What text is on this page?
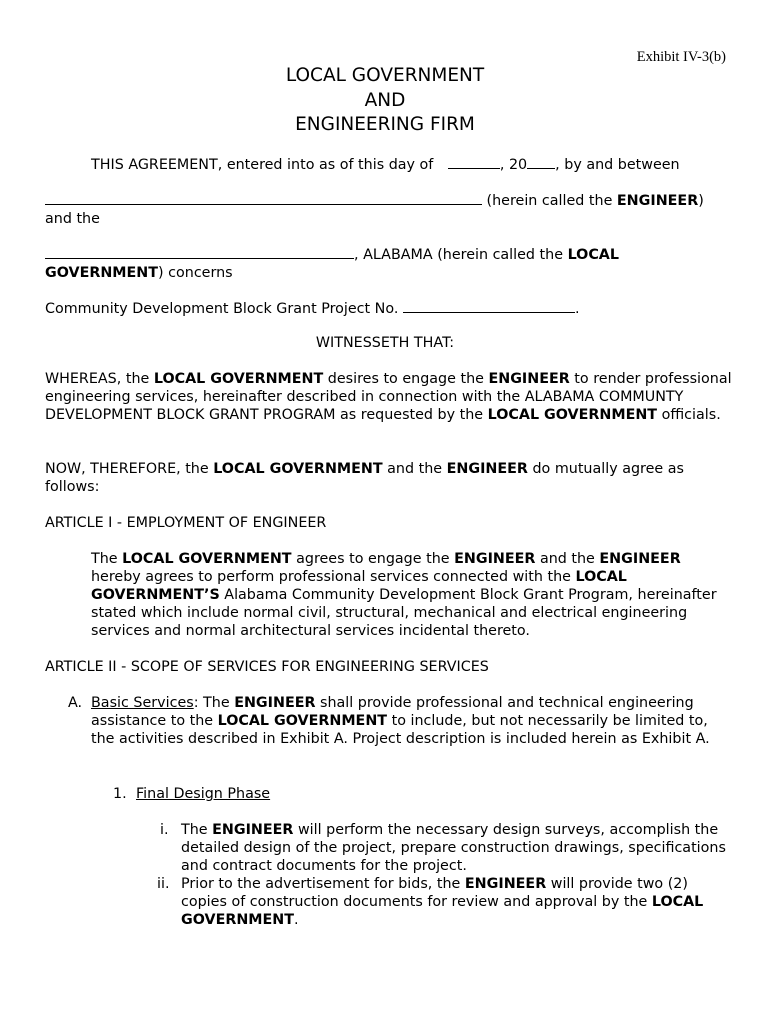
Exhibit IV-3(b)
LOCAL GOVERNMENT
AND
ENGINEERING FIRM

THIS AGREEMENT, entered into as of this day of	, 20 , by and between

(herein called the ENGINEER)
and the

, ALABAMA (herein called the LOCAL
GOVERNMENT) concerns

Community Development Block Grant Project No.	.

WITNESSETH THAT:

WHEREAS, the LOCAL GOVERNMENT desires to engage the ENGINEER to render professional engineering services, hereinafter described in connection with the ALABAMA COMMUNTY DEVELOPMENT BLOCK GRANT PROGRAM as requested by the LOCAL GOVERNMENT officials.

NOW, THEREFORE, the LOCAL GOVERNMENT and the ENGINEER do mutually agree as follows:

ARTICLE I - EMPLOYMENT OF ENGINEER

The LOCAL GOVERNMENT agrees to engage the ENGINEER and the ENGINEER hereby agrees to perform professional services connected with the LOCAL GOVERNMENT’S Alabama Community Development Block Grant Program, hereinafter stated which include normal civil, structural, mechanical and electrical engineering services and normal architectural services incidental thereto.

ARTICLE II - SCOPE OF SERVICES FOR ENGINEERING SERVICES

A. Basic Services: The ENGINEER shall provide professional and technical engineering assistance to the LOCAL GOVERNMENT to include, but not necessarily be limited to, the activities described in Exhibit A. Project description is included herein as Exhibit A.

1. Final Design Phase

i. The ENGINEER will perform the necessary design surveys, accomplish the detailed design of the project, prepare construction drawings, specifications and contract documents for the project.

ii. Prior to the advertisement for bids, the ENGINEER will provide two (2) copies of construction documents for review and approval by the LOCAL GOVERNMENT.
